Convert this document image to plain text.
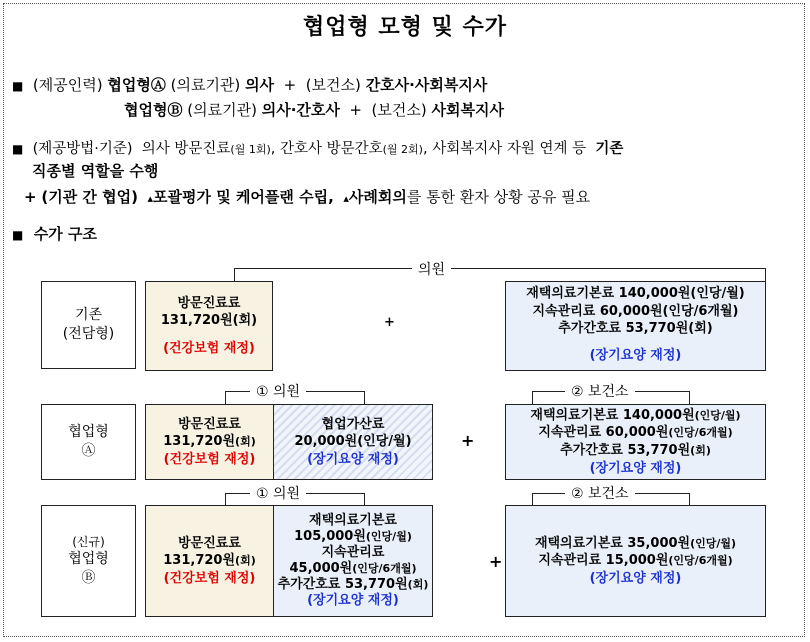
협업형 모형 및 수가
■ (제공인력) 협업형Ⓐ (의료기관) 의사 + (보건소) 간호사·사회복지사
협업형Ⓑ (의료기관) 의사·간호사 + (보건소) 사회복지사
■ (제공방법·기준) 의사 방문진료(월 1회), 간호사 방문간호(월 2회), 사회복지사 자원 연계 등 기존
직종별 역할을 수행
+ (기관 간 협업) ▴포괄평가 및 케어플랜 수립, ▴사례회의를 통한 환자 상황 공유 필요
■ 수가 구조
의원
기존
(전담형)
방문진료료
131,720원(회)
(건강보험 재정)
+
재택의료기본료 140,000원(인당/월)
지속관리료 60,000원(인당/6개월)
추가간호료 53,770원(회)
(장기요양 재정)
① 의원	② 보건소
협업형
Ⓐ
방문진료료
131,720원(회)
(건강보험 재정)
협업가산료
20,000원(인당/월)
(장기요양 재정)
+
재택의료기본료 140,000원(인당/월)
지속관리료 60,000원(인당/6개월)
추가간호료 53,770원(회)
(장기요양 재정)
① 의원	② 보건소
(신규)
협업형
Ⓑ
방문진료료
131,720원(회)
(건강보험 재정)
재택의료기본료
105,000원(인당/월)
지속관리료
45,000원(인당/6개월)
추가간호료 53,770원(회)
(장기요양 재정)
+
재택의료기본료 35,000원(인당/월)
지속관리료 15,000원(인당/6개월)
(장기요양 재정)
